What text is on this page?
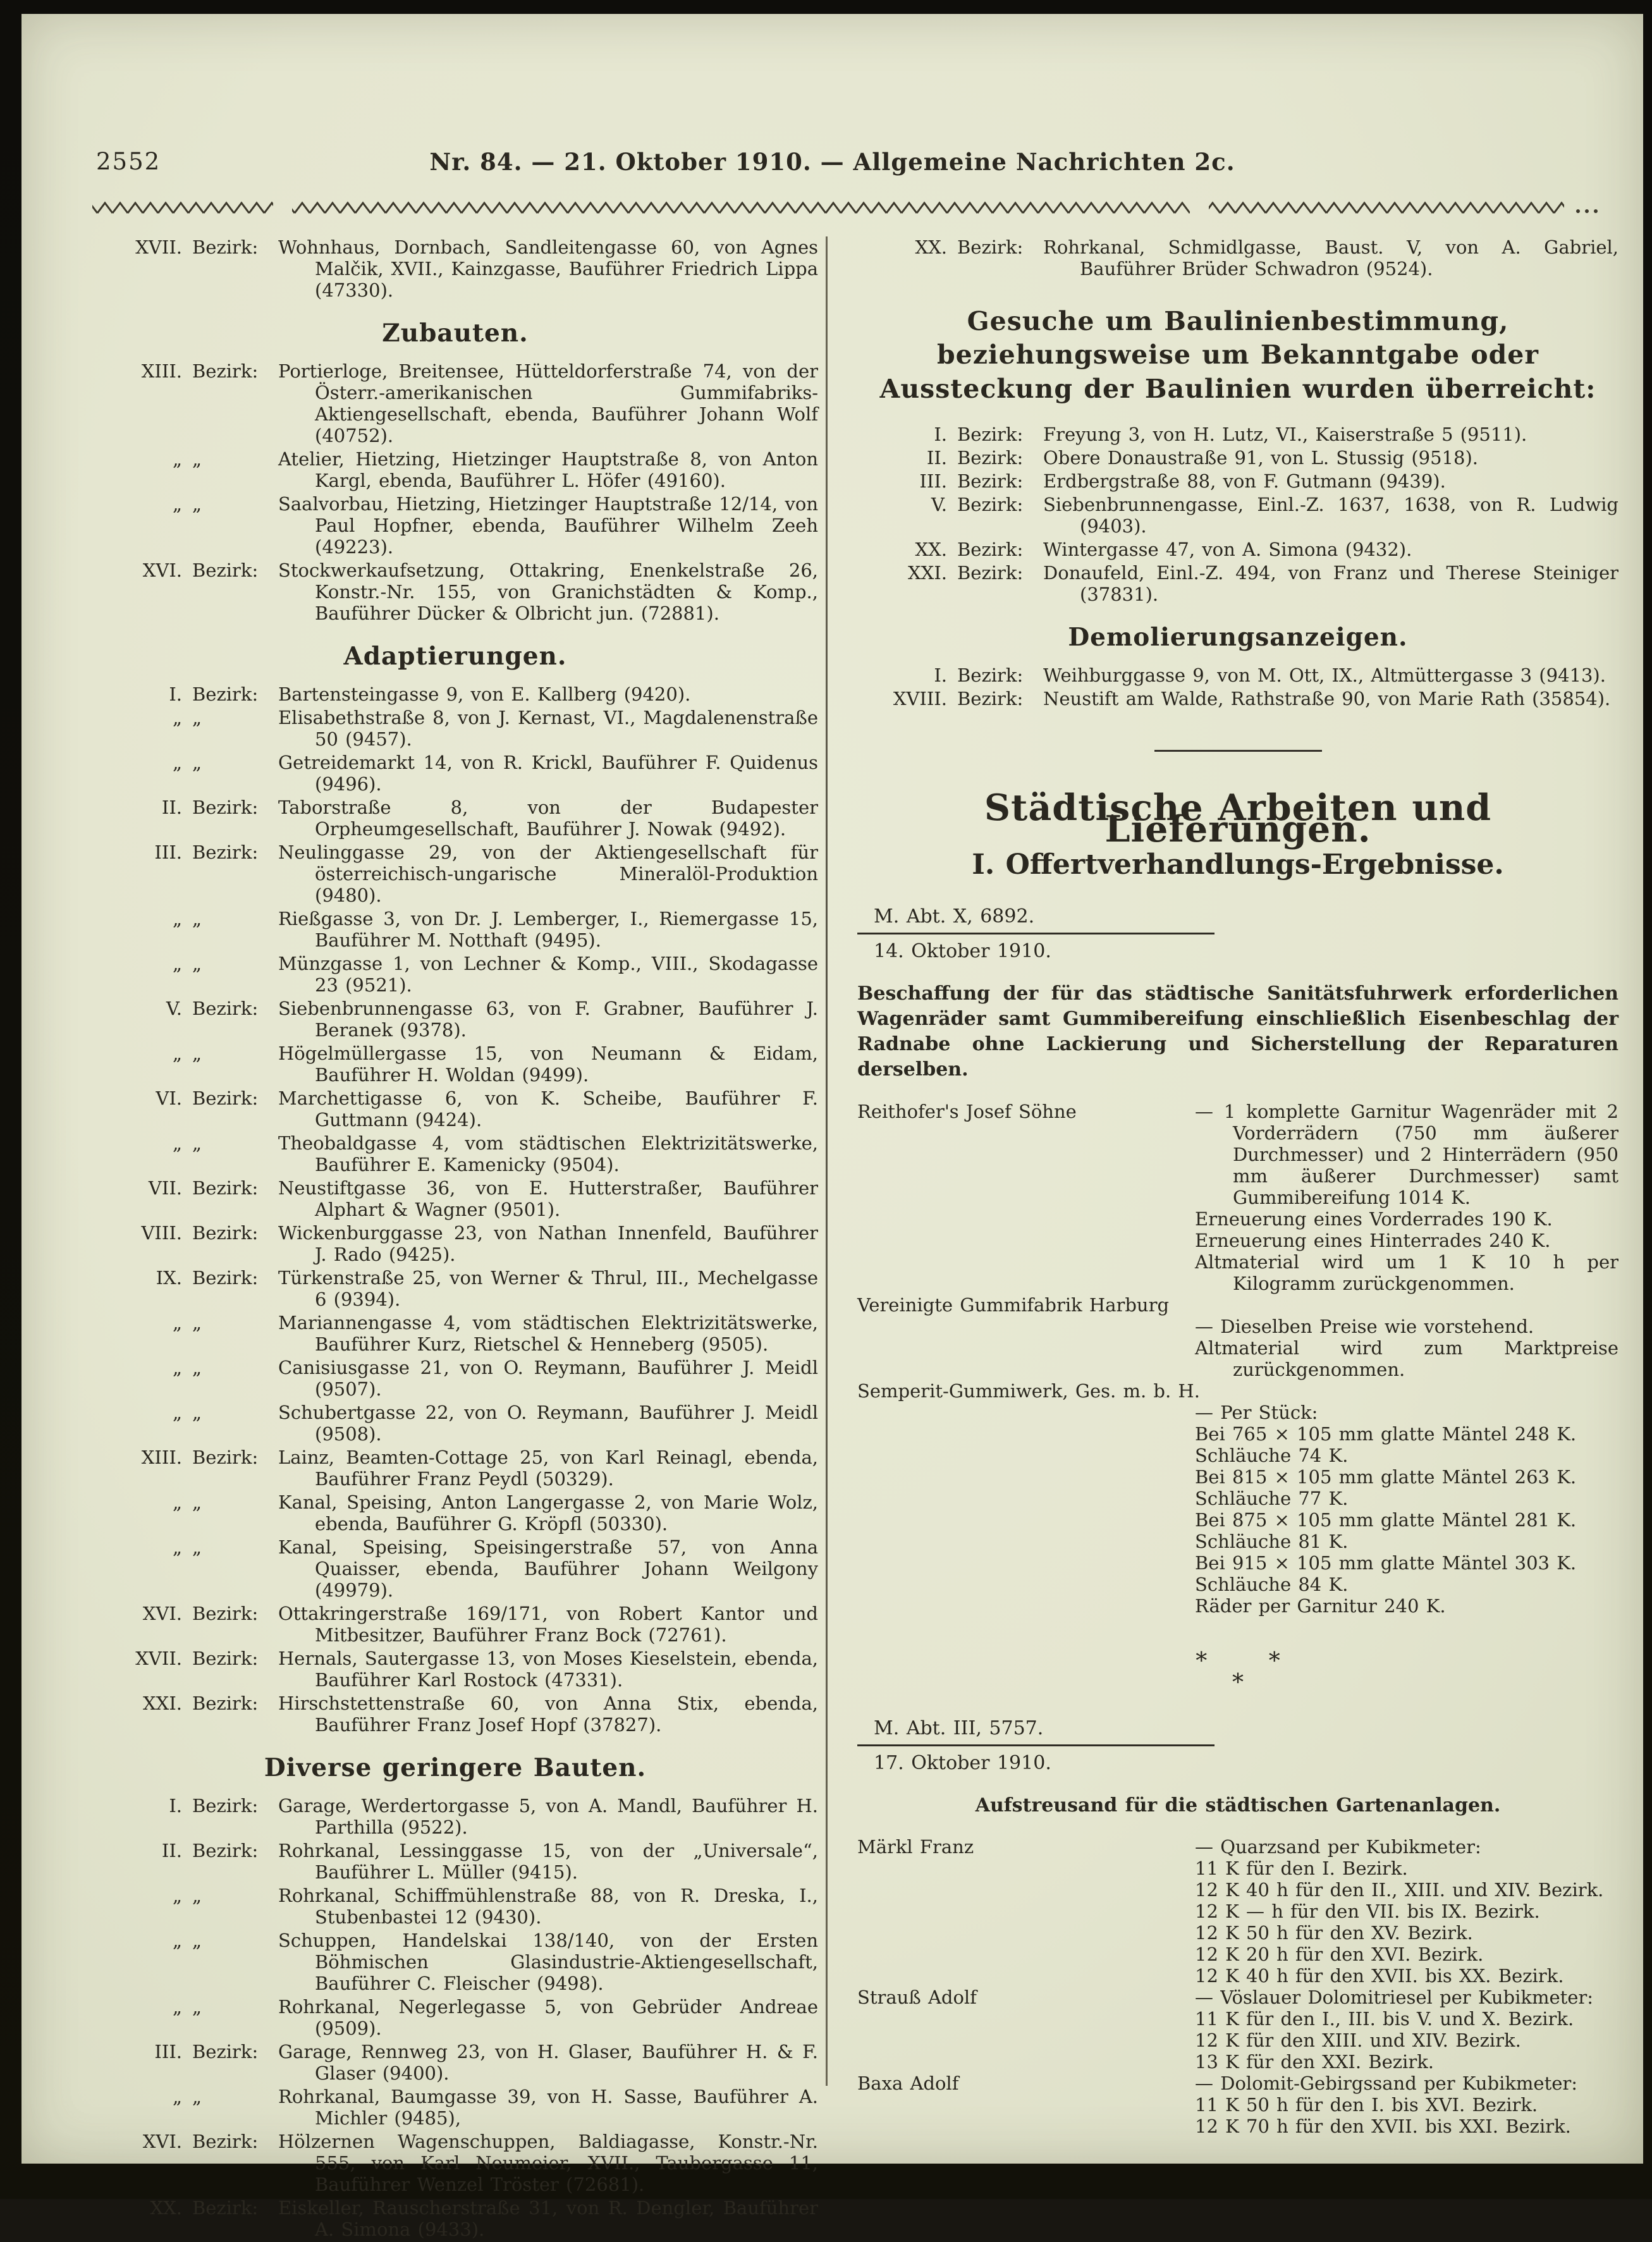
2552	Nr. 84. — 21. Oktober 1910. — Allgemeine Nachrichten 2c.
XVII. Bezirk:	Wohnhaus, Dornbach, Sandleitengasse 60, von Agnes Malčik, XVII., Kainzgasse, Bauführer Friedrich Lippa (47330).
Zubauten.
XIII. Bezirk:	Portierloge, Breitensee, Hütteldorferstraße 74, von der Österr.-amerikanischen Gummifabriks-Aktiengesellschaft, ebenda, Bauführer Johann Wolf (40752).
„ „	Atelier, Hietzing, Hietzinger Hauptstraße 8, von Anton Kargl, ebenda, Bauführer L. Höfer (49160).
„ „	Saalvorbau, Hietzing, Hietzinger Hauptstraße 12/14, von Paul Hopfner, ebenda, Bauführer Wilhelm Zeeh (49223).
XVI. Bezirk:	Stockwerkaufsetzung, Ottakring, Enenkelstraße 26, Konstr.-Nr. 155, von Granichstädten & Komp., Bauführer Dücker & Olbricht jun. (72881).
Adaptierungen.
I. Bezirk:	Bartensteingasse 9, von E. Kallberg (9420).
„ „	Elisabethstraße 8, von J. Kernast, VI., Magdalenenstraße 50 (9457).
„ „	Getreidemarkt 14, von R. Krickl, Bauführer F. Quidenus (9496).
II. Bezirk:	Taborstraße 8, von der Budapester Orpheumgesellschaft, Bauführer J. Nowak (9492).
III. Bezirk:	Neulinggasse 29, von der Aktiengesellschaft für österreichisch-ungarische Mineralöl-Produktion (9480).
„ „	Rießgasse 3, von Dr. J. Lemberger, I., Riemergasse 15, Bauführer M. Notthaft (9495).
„ „	Münzgasse 1, von Lechner & Komp., VIII., Skodagasse 23 (9521).
V. Bezirk:	Siebenbrunnengasse 63, von F. Grabner, Bauführer J. Beranek (9378).
„ „	Högelmüllergasse 15, von Neumann & Eidam, Bauführer H. Woldan (9499).
VI. Bezirk:	Marchettigasse 6, von K. Scheibe, Bauführer F. Guttmann (9424).
„ „	Theobaldgasse 4, vom städtischen Elektrizitätswerke, Bauführer E. Kamenicky (9504).
VII. Bezirk:	Neustiftgasse 36, von E. Hutterstraßer, Bauführer Alphart & Wagner (9501).
VIII. Bezirk:	Wickenburggasse 23, von Nathan Innenfeld, Bauführer J. Rado (9425).
IX. Bezirk:	Türkenstraße 25, von Werner & Thrul, III., Mechelgasse 6 (9394).
„ „	Mariannengasse 4, vom städtischen Elektrizitätswerke, Bauführer Kurz, Rietschel & Henneberg (9505).
„ „	Canisiusgasse 21, von O. Reymann, Bauführer J. Meidl (9507).
„ „	Schubertgasse 22, von O. Reymann, Bauführer J. Meidl (9508).
XIII. Bezirk:	Lainz, Beamten-Cottage 25, von Karl Reinagl, ebenda, Bauführer Franz Peydl (50329).
„ „	Kanal, Speising, Anton Langergasse 2, von Marie Wolz, ebenda, Bauführer G. Kröpfl (50330).
„ „	Kanal, Speising, Speisingerstraße 57, von Anna Quaisser, ebenda, Bauführer Johann Weilgony (49979).
XVI. Bezirk:	Ottakringerstraße 169/171, von Robert Kantor und Mitbesitzer, Bauführer Franz Bock (72761).
XVII. Bezirk:	Hernals, Sautergasse 13, von Moses Kieselstein, ebenda, Bauführer Karl Rostock (47331).
XXI. Bezirk:	Hirschstettenstraße 60, von Anna Stix, ebenda, Bauführer Franz Josef Hopf (37827).
Diverse geringere Bauten.
I. Bezirk:	Garage, Werdertorgasse 5, von A. Mandl, Bauführer H. Parthilla (9522).
II. Bezirk:	Rohrkanal, Lessinggasse 15, von der „Universale“, Bauführer L. Müller (9415).
„ „	Rohrkanal, Schiffmühlenstraße 88, von R. Dreska, I., Stubenbastei 12 (9430).
„ „	Schuppen, Handelskai 138/140, von der Ersten Böhmischen Glasindustrie-Aktiengesellschaft, Bauführer C. Fleischer (9498).
„ „	Rohrkanal, Negerlegasse 5, von Gebrüder Andreae (9509).
III. Bezirk:	Garage, Rennweg 23, von H. Glaser, Bauführer H. & F. Glaser (9400).
„ „	Rohrkanal, Baumgasse 39, von H. Sasse, Bauführer A. Michler (9485),
XVI. Bezirk:	Hölzernen Wagenschuppen, Baldiagasse, Konstr.-Nr. 555, von Karl Neumeier, XVII., Taubergasse 11, Bauführer Wenzel Tröster (72681).
XX. Bezirk:	Eiskeller, Rauscherstraße 31, von R. Dengler, Bauführer A. Simona (9433).
XX. Bezirk:	Rohrkanal, Schmidlgasse, Baust. V, von A. Gabriel, Bauführer Brüder Schwadron (9524).
Gesuche um Baulinienbestimmung, beziehungsweise um Bekanntgabe oder Aussteckung der Baulinien wurden überreicht:
I. Bezirk:	Freyung 3, von H. Lutz, VI., Kaiserstraße 5 (9511).
II. Bezirk:	Obere Donaustraße 91, von L. Stussig (9518).
III. Bezirk:	Erdbergstraße 88, von F. Gutmann (9439).
V. Bezirk:	Siebenbrunnengasse, Einl.-Z. 1637, 1638, von R. Ludwig (9403).
XX. Bezirk:	Wintergasse 47, von A. Simona (9432).
XXI. Bezirk:	Donaufeld, Einl.-Z. 494, von Franz und Therese Steiniger (37831).
Demolierungsanzeigen.
I. Bezirk:	Weihburggasse 9, von M. Ott, IX., Altmüttergasse 3 (9413).
XVIII. Bezirk:	Neustift am Walde, Rathstraße 90, von Marie Rath (35854).
Städtische Arbeiten und Lieferungen.
I. Offertverhandlungs-Ergebnisse.
M. Abt. X, 6892.
14. Oktober 1910.
Beschaffung der für das städtische Sanitätsfuhrwerk erforderlichen Wagenräder samt Gummibereifung einschließlich Eisenbeschlag der Radnabe ohne Lackierung und Sicherstellung der Reparaturen derselben.
Reithofer's Josef Söhne	— 1 komplette Garnitur Wagenräder mit 2 Vorderrädern (750 mm äußerer Durchmesser) und 2 Hinterrädern (950 mm äußerer Durchmesser) samt Gummibereifung 1014 K.
Erneuerung eines Vorderrades 190 K.
Erneuerung eines Hinterrades 240 K.
Altmaterial wird um 1 K 10 h per Kilogramm zurückgenommen.
Vereinigte Gummifabrik Harburg
— Dieselben Preise wie vorstehend.
Altmaterial wird zum Marktpreise zurückgenommen.
Semperit-Gummiwerk, Ges. m. b. H.
— Per Stück:
Bei 765 × 105 mm glatte Mäntel 248 K.
Schläuche 74 K.
Bei 815 × 105 mm glatte Mäntel 263 K.
Schläuche 77 K.
Bei 875 × 105 mm glatte Mäntel 281 K.
Schläuche 81 K.
Bei 915 × 105 mm glatte Mäntel 303 K.
Schläuche 84 K.
Räder per Garnitur 240 K.
*	*
*
M. Abt. III, 5757.
17. Oktober 1910.
Aufstreusand für die städtischen Gartenanlagen.
Märkl Franz	— Quarzsand per Kubikmeter:
11 K für den I. Bezirk.
12 K 40 h für den II., XIII. und XIV. Bezirk.
12 K — h für den VII. bis IX. Bezirk.
12 K 50 h für den XV. Bezirk.
12 K 20 h für den XVI. Bezirk.
12 K 40 h für den XVII. bis XX. Bezirk.
Strauß Adolf	— Vöslauer Dolomitriesel per Kubikmeter:
11 K für den I., III. bis V. und X. Bezirk.
12 K für den XIII. und XIV. Bezirk.
13 K für den XXI. Bezirk.
Baxa Adolf	— Dolomit-Gebirgssand per Kubikmeter:
11 K 50 h für den I. bis XVI. Bezirk.
12 K 70 h für den XVII. bis XXI. Bezirk.
